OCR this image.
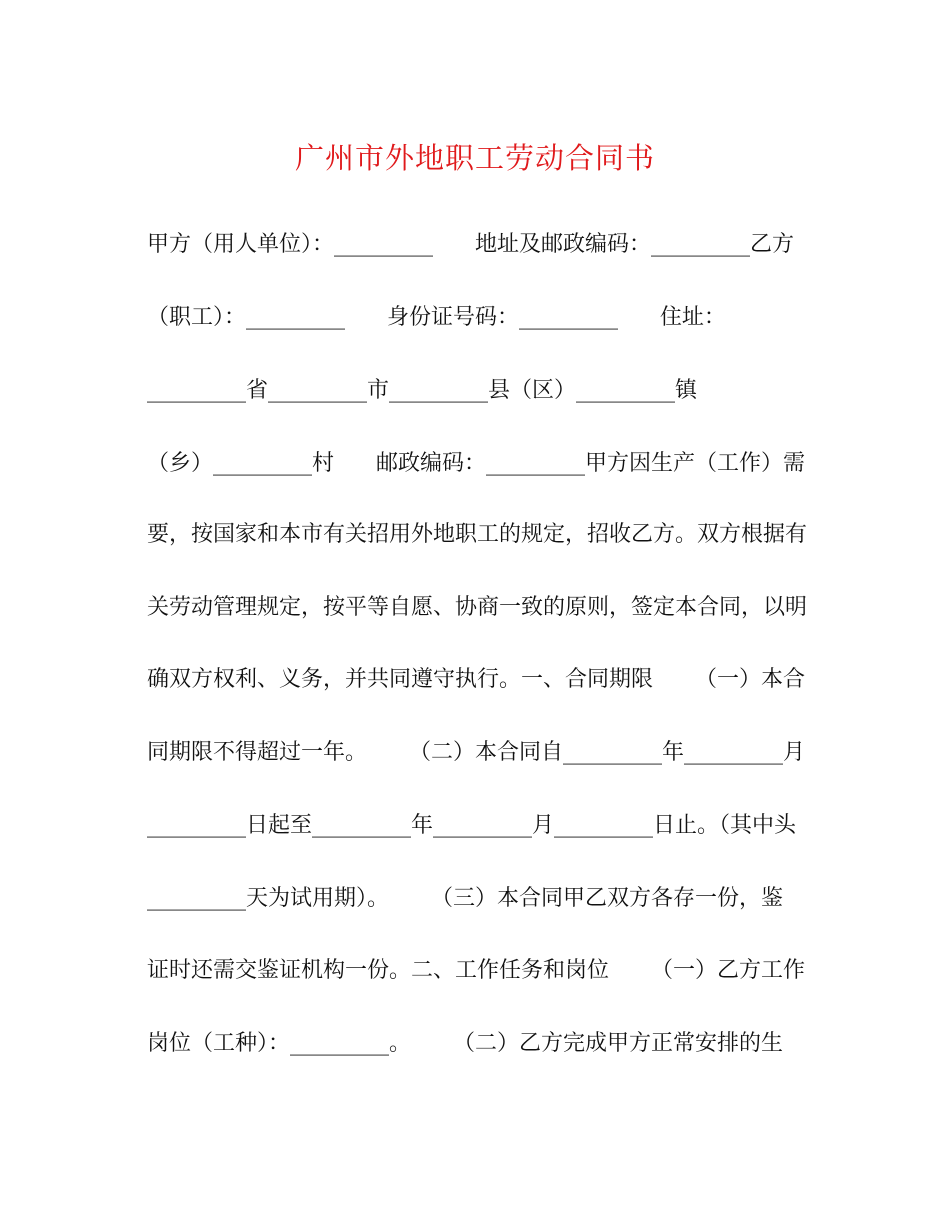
广州市外地职工劳动合同书
甲方（用人单位）：_________      地址及邮政编码：_________乙方
（职工）：_________      身份证号码：_________      住址：
_________省_________市_________县（区）_________镇
（乡）_________村      邮政编码：_________甲方因生产（工作）需
要，按国家和本市有关招用外地职工的规定，招收乙方。双方根据有
关劳动管理规定，按平等自愿、协商一致的原则，签定本合同，以明
确双方权利、义务，并共同遵守执行。一、合同期限      （一）本合
同期限不得超过一年。      （二）本合同自_________年_________月
_________日起至_________年_________月_________日止。（其中头
_________天为试用期）。      （三）本合同甲乙双方各存一份，鉴
证时还需交鉴证机构一份。二、工作任务和岗位      （一）乙方工作
岗位（工种）：_________。      （二）乙方完成甲方正常安排的生
